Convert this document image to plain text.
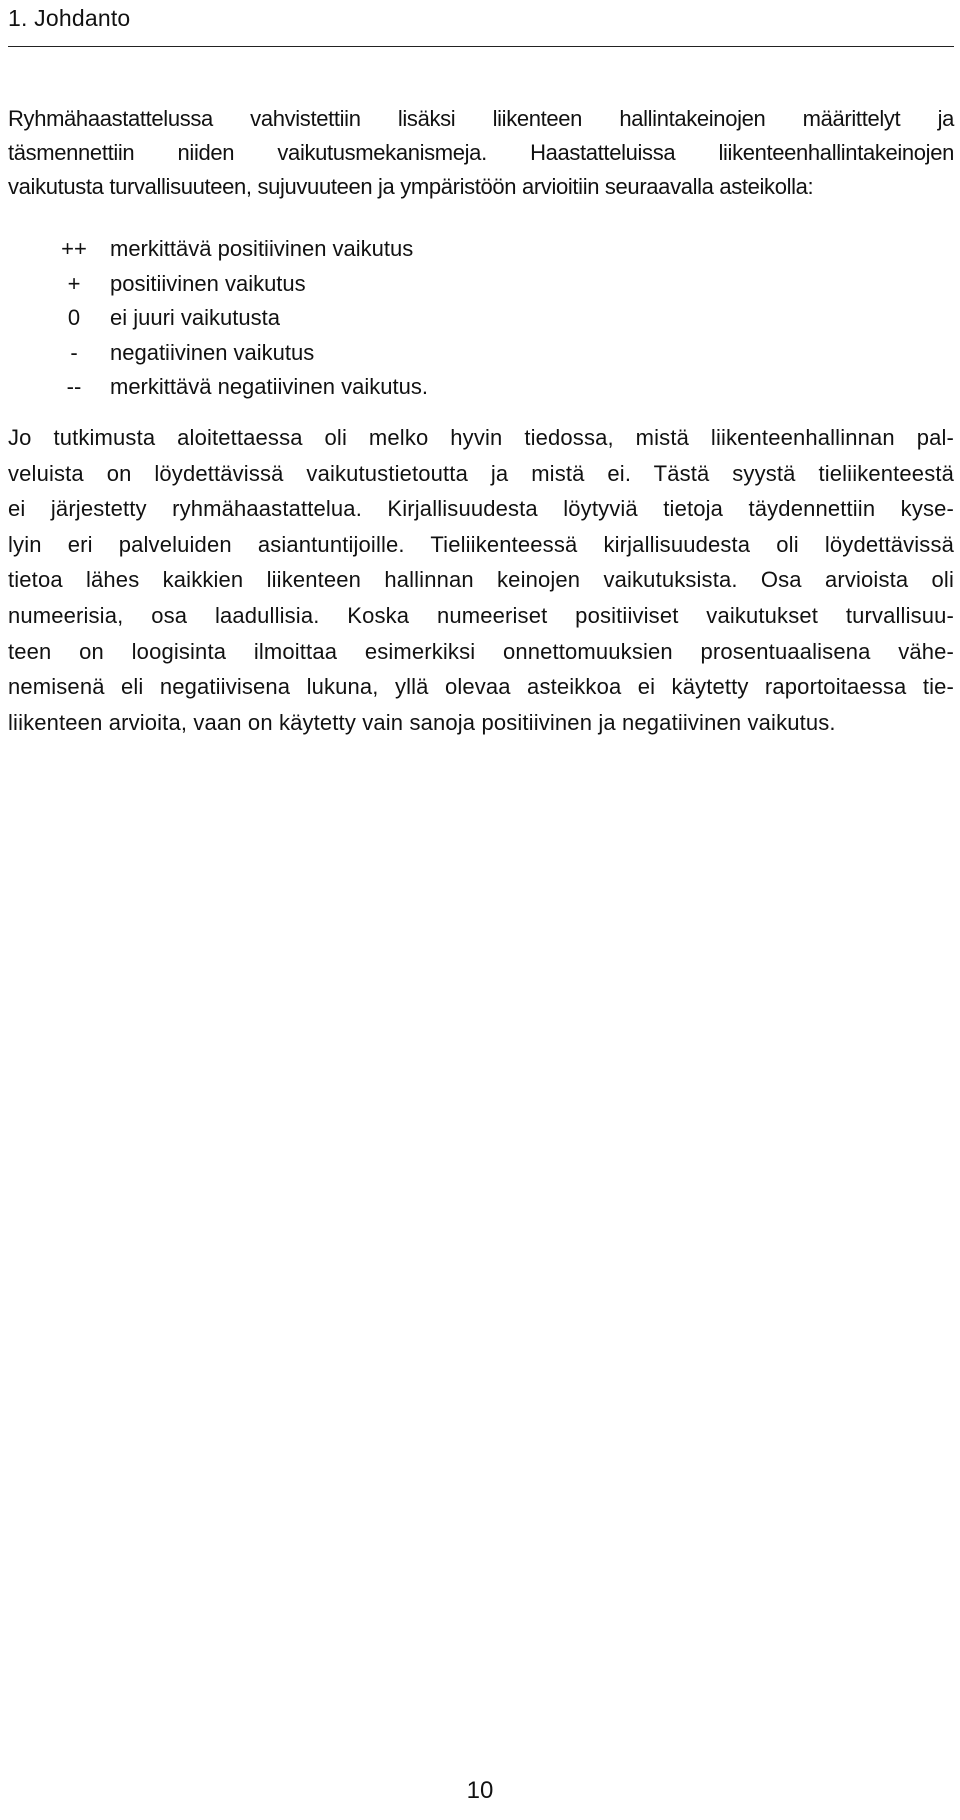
1. Johdanto
Ryhmähaastattelussa vahvistettiin lisäksi liikenteen hallintakeinojen määrittelyt ja
täsmennettiin niiden vaikutusmekanismeja. Haastatteluissa liikenteenhallintakeinojen
vaikutusta turvallisuuteen, sujuvuuteen ja ympäristöön arvioitiin seuraavalla asteikolla:
++	merkittävä positiivinen vaikutus
+	positiivinen vaikutus
0	ei juuri vaikutusta
-	negatiivinen vaikutus
--	merkittävä negatiivinen vaikutus.
Jo tutkimusta aloitettaessa oli melko hyvin tiedossa, mistä liikenteenhallinnan pal-
veluista on löydettävissä vaikutustietoutta ja mistä ei. Tästä syystä tieliikenteestä
ei järjestetty ryhmähaastattelua. Kirjallisuudesta löytyviä tietoja täydennettiin kyse-
lyin eri palveluiden asiantuntijoille. Tieliikenteessä kirjallisuudesta oli löydettävissä
tietoa lähes kaikkien liikenteen hallinnan keinojen vaikutuksista. Osa arvioista oli
numeerisia, osa laadullisia. Koska numeeriset positiiviset vaikutukset turvallisuu-
teen on loogisinta ilmoittaa esimerkiksi onnettomuuksien prosentuaalisena vähe-
nemisenä eli negatiivisena lukuna, yllä olevaa asteikkoa ei käytetty raportoitaessa tie-
liikenteen arvioita, vaan on käytetty vain sanoja positiivinen ja negatiivinen vaikutus.
10
